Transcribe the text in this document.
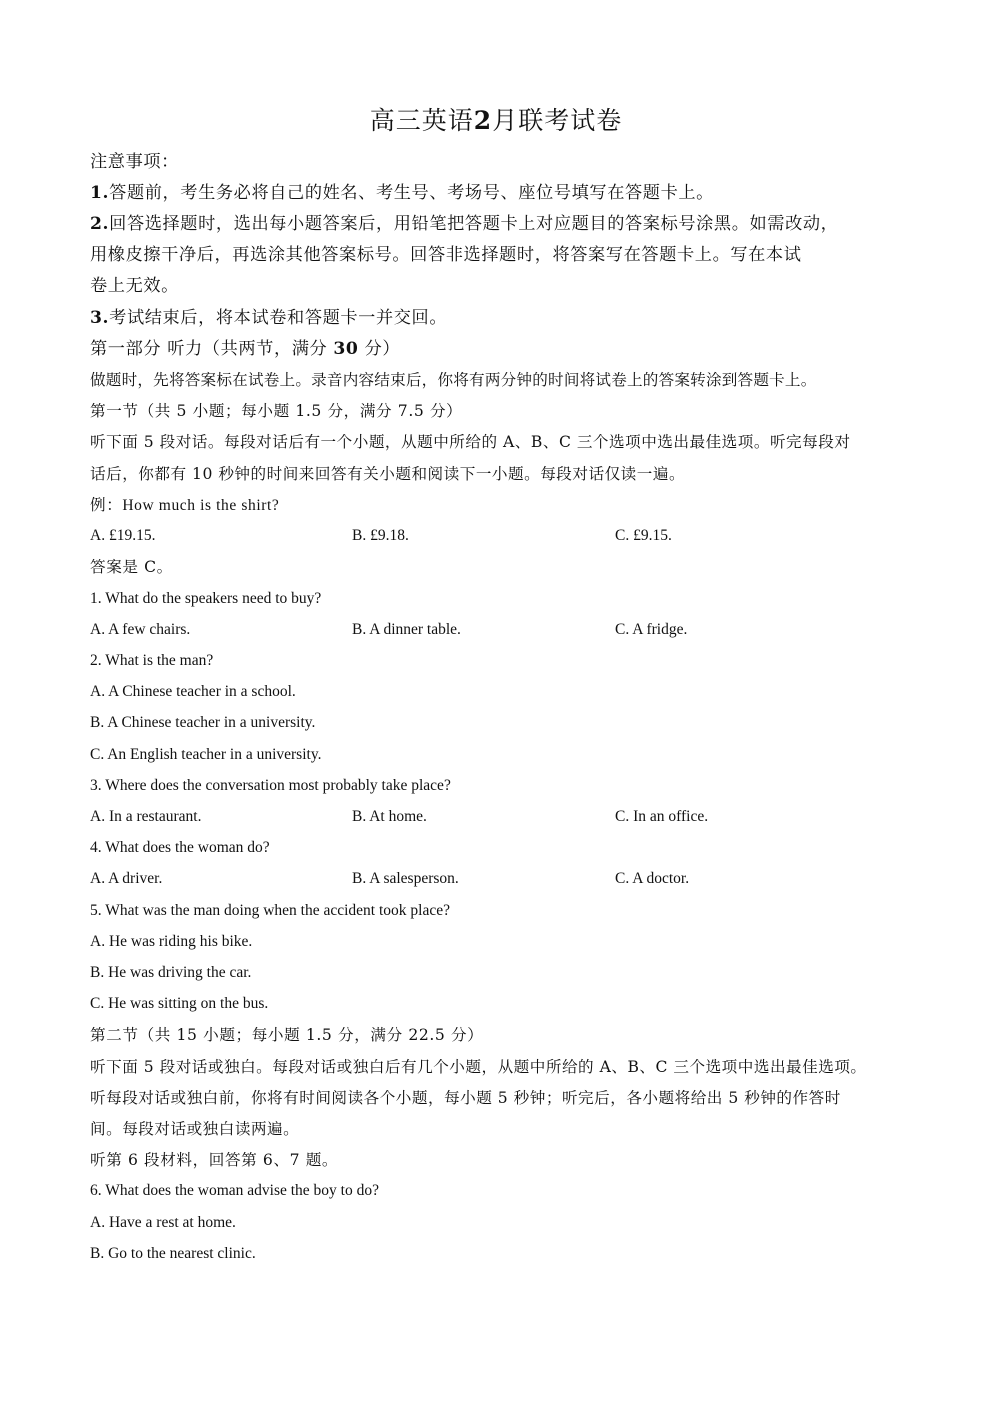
高三英语2月联考试卷
注意事项：
1.答题前，考生务必将自己的姓名、考生号、考场号、座位号填写在答题卡上。
2.回答选择题时，选出每小题答案后，用铅笔把答题卡上对应题目的答案标号涂黑。如需改动，
用橡皮擦干净后，再选涂其他答案标号。回答非选择题时，将答案写在答题卡上。写在本试
卷上无效。
3.考试结束后，将本试卷和答题卡一并交回。
第一部分 听力（共两节，满分 30 分）
做题时，先将答案标在试卷上。录音内容结束后，你将有两分钟的时间将试卷上的答案转涂到答题卡上。
第一节（共 5 小题；每小题 1.5 分，满分 7.5 分）
听下面 5 段对话。每段对话后有一个小题，从题中所给的 A、B、C 三个选项中选出最佳选项。听完每段对
话后，你都有 10 秒钟的时间来回答有关小题和阅读下一小题。每段对话仅读一遍。
例：How much is the shirt?
A. £19.15.	B. £9.18.	C. £9.15.
答案是 C。
1. What do the speakers need to buy?
A. A few chairs.	B. A dinner table.	C. A fridge.
2. What is the man?
A. A Chinese teacher in a school.
B. A Chinese teacher in a university.
C. An English teacher in a university.
3. Where does the conversation most probably take place?
A. In a restaurant.	B. At home.	C. In an office.
4. What does the woman do?
A. A driver.	B. A salesperson.	C. A doctor.
5. What was the man doing when the accident took place?
A. He was riding his bike.
B. He was driving the car.
C. He was sitting on the bus.
第二节（共 15 小题；每小题 1.5 分，满分 22.5 分）
听下面 5 段对话或独白。每段对话或独白后有几个小题，从题中所给的 A、B、C 三个选项中选出最佳选项。
听每段对话或独白前，你将有时间阅读各个小题，每小题 5 秒钟；听完后，各小题将给出 5 秒钟的作答时
间。每段对话或独白读两遍。
听第 6 段材料，回答第 6、7 题。
6. What does the woman advise the boy to do?
A. Have a rest at home.
B. Go to the nearest clinic.
